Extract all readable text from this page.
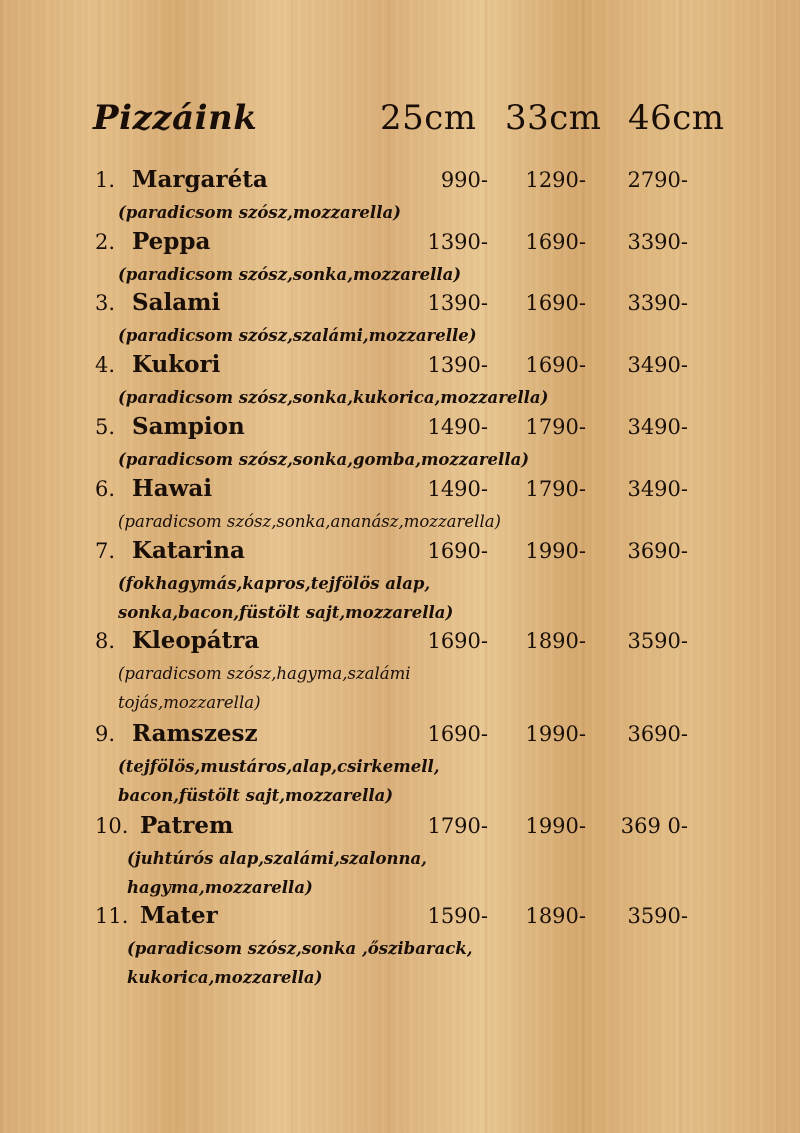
Pizzáink	25cm 33cm 46cm
1. Margaréta	990- 1290- 2790-
(paradicsom szósz,mozzarella)
2. Peppa	1390- 1690- 3390-
(paradicsom szósz,sonka,mozzarella)
3. Salami	1390- 1690- 3390-
(paradicsom szósz,szalámi,mozzarelle)
4. Kukori	1390- 1690- 3490-
(paradicsom szósz,sonka,kukorica,mozzarella)
5. Sampion	1490- 1790- 3490-
(paradicsom szósz,sonka,gomba,mozzarella)
6. Hawai	1490- 1790- 3490-
(paradicsom szósz,sonka,ananász,mozzarella)
7. Katarina	1690- 1990- 3690-
(fokhagymás,kapros,tejfölös alap,
sonka,bacon,füstölt sajt,mozzarella)
8. Kleopátra	1690- 1890- 3590-
(paradicsom szósz,hagyma,szalámi
tojás,mozzarella)
9. Ramszesz	1690- 1990- 3690-
(tejfölös,mustáros,alap,csirkemell,
bacon,füstölt sajt,mozzarella)
10. Patrem	1790- 1990- 369 0-
(juhtúrós alap,szalámi,szalonna,
hagyma,mozzarella)
11. Mater	1590- 1890- 3590-
(paradicsom szósz,sonka ,őszibarack,
kukorica,mozzarella)
